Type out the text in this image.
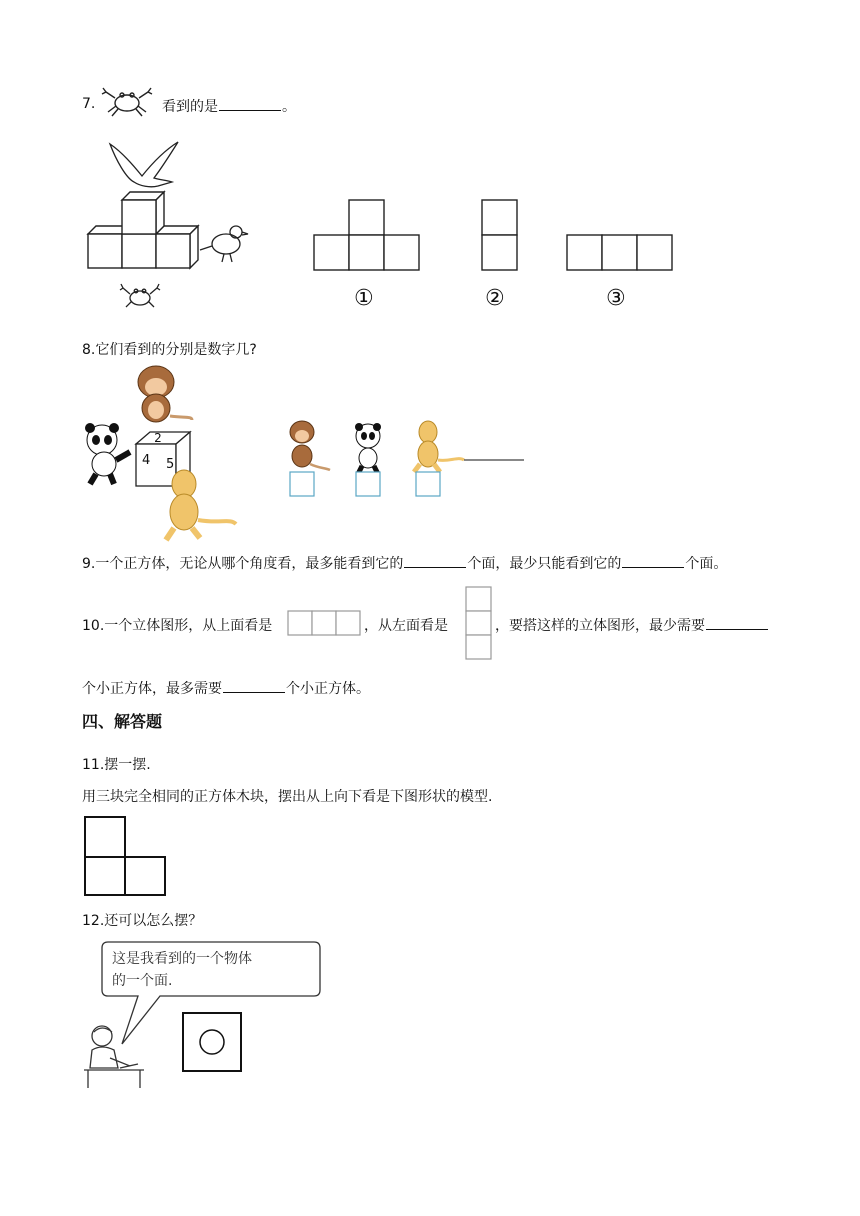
7.	看到的是	。
①	②	③
8.它们看到的分别是数字几?
2
4 5
9.一个正方体，无论从哪个角度看，最多能看到它的	个面，最少只能看到它的	个面。
10.一个立体图形，从上面看是	，从左面看是	，要搭这样的立体图形，最少需要
个小正方体，最多需要	个小正方体。
四、解答题
11.摆一摆.
用三块完全相同的正方体木块，摆出从上向下看是下图形状的模型.
12.还可以怎么摆？
这是我看到的一个物体
的一个面.
